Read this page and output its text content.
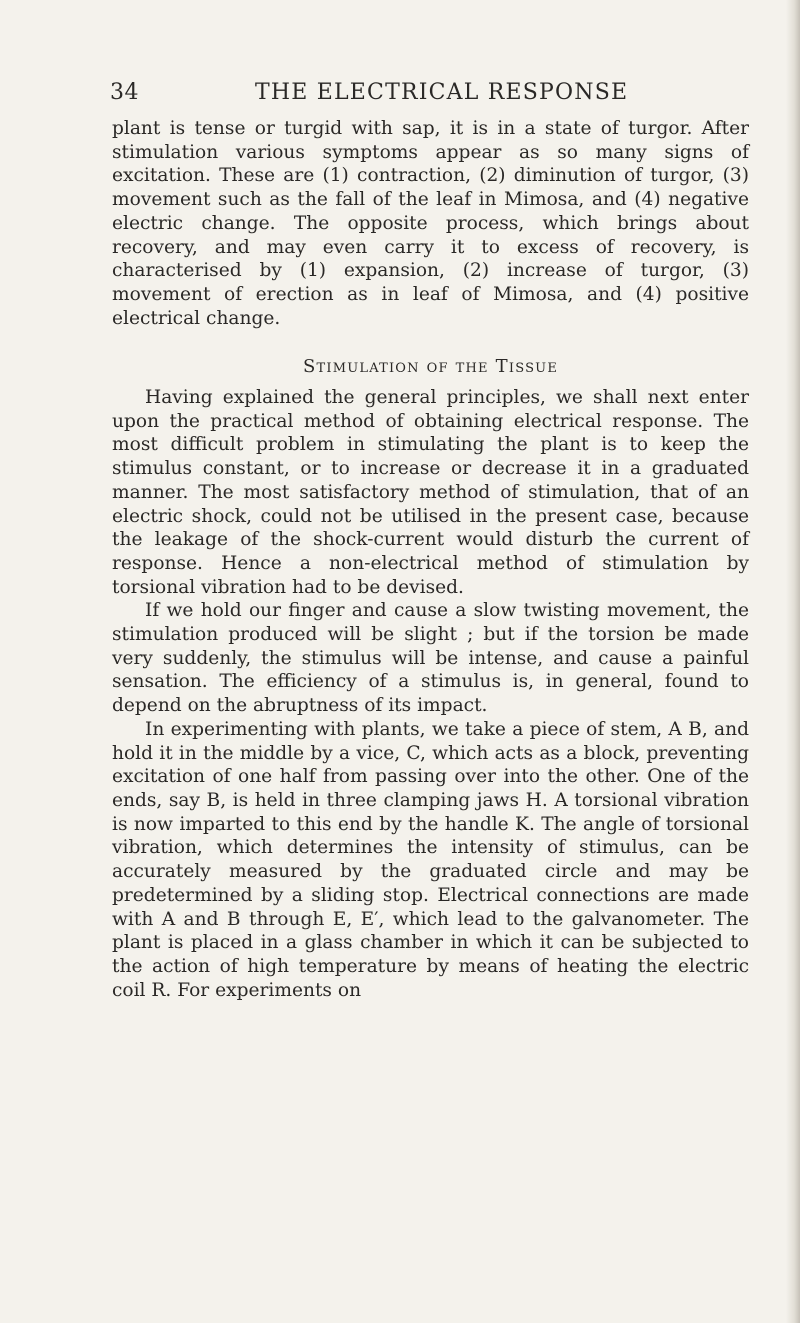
34	THE ELECTRICAL RESPONSE

plant is tense or turgid with sap, it is in a state of turgor. After stimulation various symptoms appear as so many signs of excitation. These are (1) contraction, (2) diminution of turgor, (3) movement such as the fall of the leaf in Mimosa, and (4) negative electric change. The opposite process, which brings about recovery, and may even carry it to excess of recovery, is characterised by (1) expansion, (2) increase of turgor, (3) movement of erection as in leaf of Mimosa, and (4) positive electrical change.

Stimulation of the Tissue

Having explained the general principles, we shall next enter upon the practical method of obtaining electrical response. The most difficult problem in stimulating the plant is to keep the stimulus constant, or to increase or decrease it in a graduated manner. The most satisfactory method of stimulation, that of an electric shock, could not be utilised in the present case, because the leakage of the shock-current would disturb the current of response. Hence a non-electrical method of stimulation by torsional vibration had to be devised.

If we hold our finger and cause a slow twisting movement, the stimulation produced will be slight ; but if the torsion be made very suddenly, the stimulus will be intense, and cause a painful sensation. The efficiency of a stimulus is, in general, found to depend on the abruptness of its impact.

In experimenting with plants, we take a piece of stem, A B, and hold it in the middle by a vice, C, which acts as a block, preventing excitation of one half from passing over into the other. One of the ends, say B, is held in three clamping jaws H. A torsional vibration is now imparted to this end by the handle K. The angle of torsional vibration, which determines the intensity of stimulus, can be accurately measured by the graduated circle and may be predetermined by a sliding stop. Electrical connections are made with A and B through E, E′, which lead to the galvanometer. The plant is placed in a glass chamber in which it can be subjected to the action of high temperature by means of heating the electric coil R. For experiments on
